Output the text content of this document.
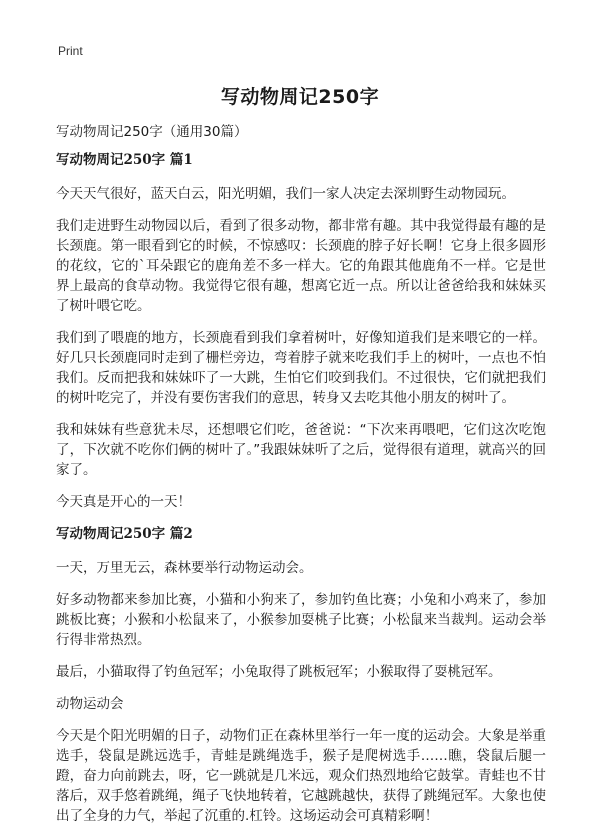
Print
写动物周记250字
写动物周记250字（通用30篇）
写动物周记250字 篇1
今天天气很好，蓝天白云，阳光明媚，我们一家人决定去深圳野生动物园玩。
我们走进野生动物园以后，看到了很多动物，都非常有趣。其中我觉得最有趣的是长颈鹿。第一眼看到它的时候，不惊感叹：长颈鹿的脖子好长啊！它身上很多圆形的花纹，它的`耳朵跟它的鹿角差不多一样大。它的角跟其他鹿角不一样。它是世界上最高的食草动物。我觉得它很有趣，想离它近一点。所以让爸爸给我和妹妹买了树叶喂它吃。
我们到了喂鹿的地方，长颈鹿看到我们拿着树叶，好像知道我们是来喂它的一样。好几只长颈鹿同时走到了栅栏旁边，弯着脖子就来吃我们手上的树叶，一点也不怕我们。反而把我和妹妹吓了一大跳，生怕它们咬到我们。不过很快，它们就把我们的树叶吃完了，并没有要伤害我们的意思，转身又去吃其他小朋友的树叶了。
我和妹妹有些意犹未尽，还想喂它们吃，爸爸说：“下次来再喂吧，它们这次吃饱了，下次就不吃你们俩的树叶了。”我跟妹妹听了之后，觉得很有道理，就高兴的回家了。
今天真是开心的一天！
写动物周记250字 篇2
一天，万里无云，森林要举行动物运动会。
好多动物都来参加比赛，小猫和小狗来了，参加钓鱼比赛；小兔和小鸡来了，参加跳板比赛；小猴和小松鼠来了，小猴参加耍桃子比赛；小松鼠来当裁判。运动会举行得非常热烈。
最后，小猫取得了钓鱼冠军；小兔取得了跳板冠军；小猴取得了耍桃冠军。
动物运动会
今天是个阳光明媚的日子，动物们正在森林里举行一年一度的运动会。大象是举重选手，袋鼠是跳远选手，青蛙是跳绳选手，猴子是爬树选手……瞧，袋鼠后腿一蹬，奋力向前跳去，呀，它一跳就是几米远，观众们热烈地给它鼓掌。青蛙也不甘落后，双手悠着跳绳，绳子飞快地转着，它越跳越快，获得了跳绳冠军。大象也使出了全身的力气，举起了沉重的.杠铃。这场运动会可真精彩啊！
